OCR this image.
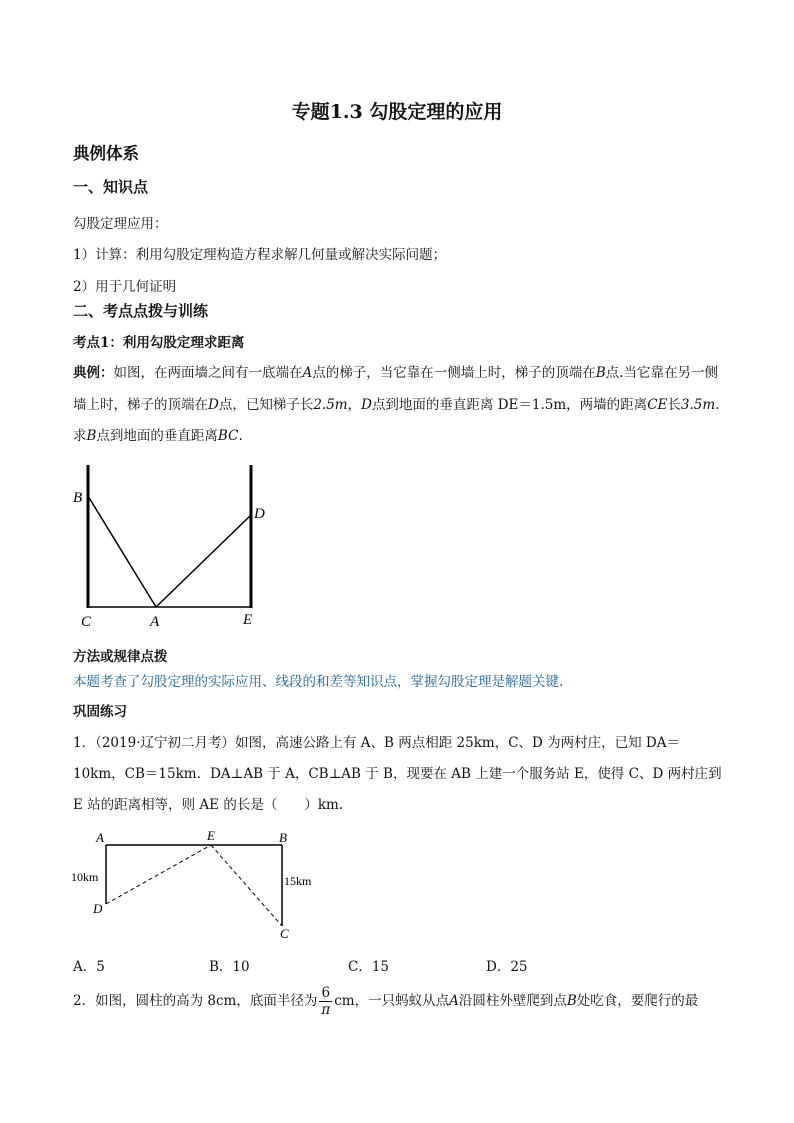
专题1.3 勾股定理的应用
典例体系
一、知识点
勾股定理应用：
1）计算：利用勾股定理构造方程求解几何量或解决实际问题；
2）用于几何证明
二、考点点拨与训练
考点1：利用勾股定理求距离
典例：如图，在两面墙之间有一底端在A点的梯子，当它靠在一侧墙上时，梯子的顶端在B点.当它靠在另一侧墙上时，梯子的顶端在D点，已知梯子长2.5m，D点到地面的垂直距离 DE＝1.5m，两墙的距离CE长3.5m.求B点到地面的垂直距离BC.
B
D
C	A	E
方法或规律点拨
本题考查了勾股定理的实际应用、线段的和差等知识点，掌握勾股定理是解题关键.
巩固练习
1．（2019·辽宁初二月考）如图，高速公路上有 A、B 两点相距 25km，C、D 为两村庄，已知 DA＝10km，CB＝15km．DA⊥AB 于 A，CB⊥AB 于 B，现要在 AB 上建一个服务站 E，使得 C、D 两村庄到 E 站的距离相等，则 AE 的长是（　　）km.
A	E	B
10km	15km
D
C
A．5	B．10	C．15	D．25
2．如图，圆柱的高为 8cm，底面半径为 $\frac{6}{\pi}$ cm，一只蚂蚁从点A沿圆柱外壁爬到点B处吃食，要爬行的最
